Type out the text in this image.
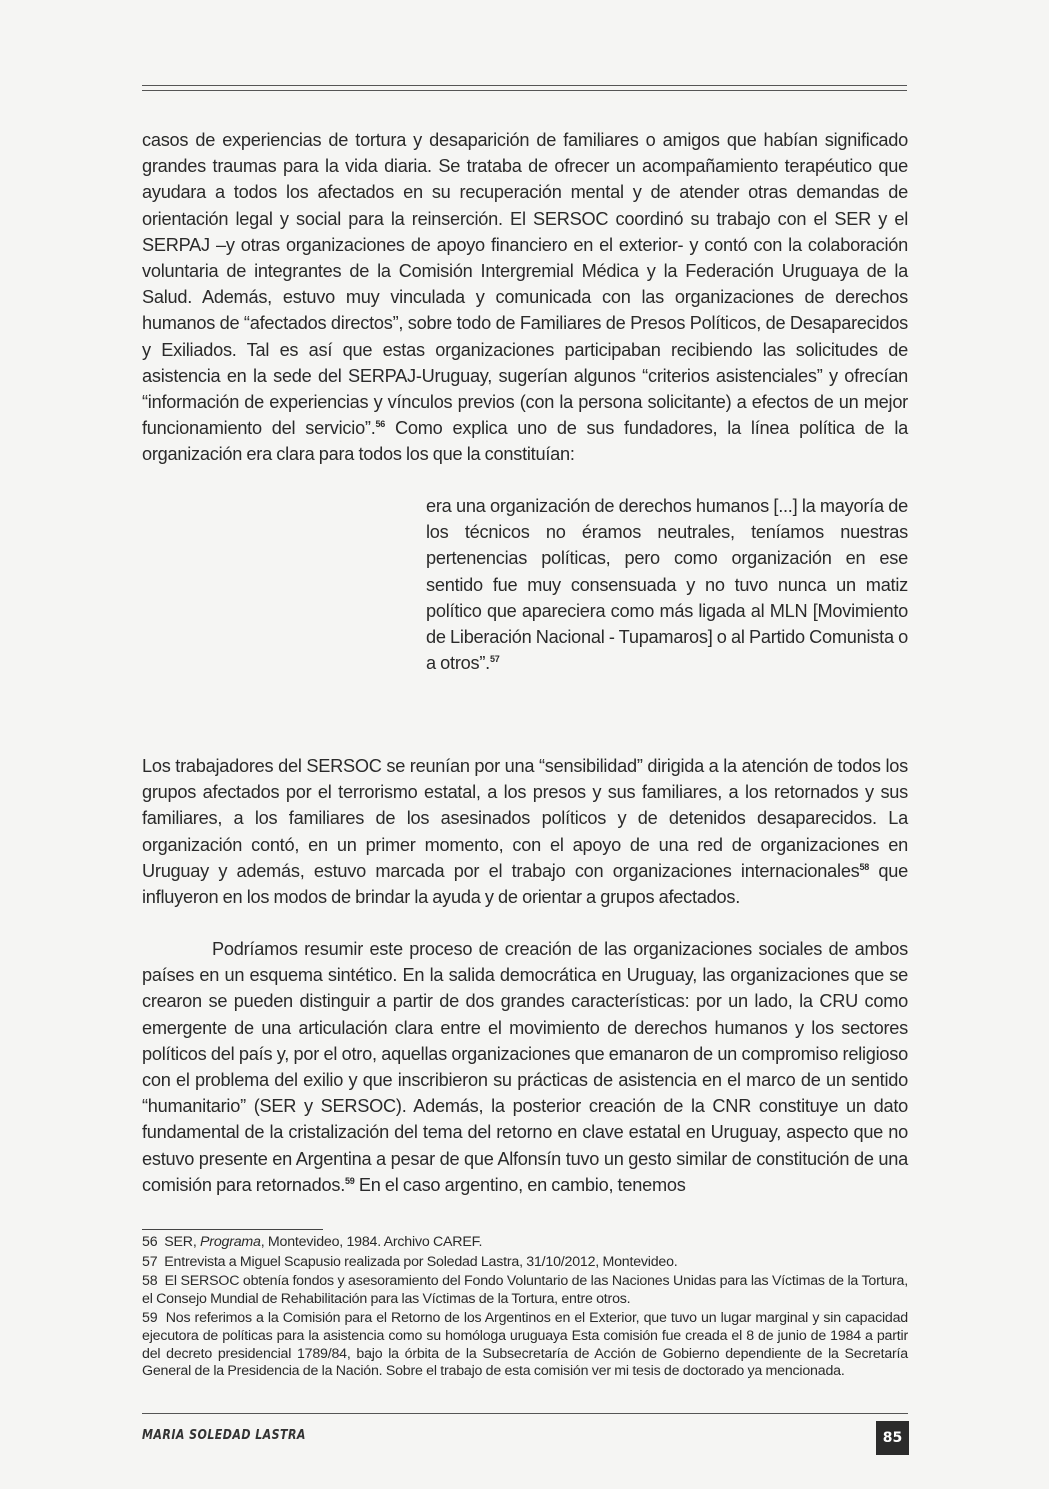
casos de experiencias de tortura y desaparición de familiares o amigos que habían significado grandes traumas para la vida diaria. Se trataba de ofrecer un acompañamiento terapéutico que ayudara a todos los afectados en su recuperación mental y de atender otras demandas de orientación legal y social para la reinserción. El SERSOC coordinó su trabajo con el SER y el SERPAJ –y otras organizaciones de apoyo financiero en el exterior- y contó con la colaboración voluntaria de integrantes de la Comisión Intergremial Médica y la Federación Uruguaya de la Salud. Además, estuvo muy vinculada y comunicada con las organizaciones de derechos humanos de “afectados directos”, sobre todo de Familiares de Presos Políticos, de Desaparecidos y Exiliados. Tal es así que estas organizaciones participaban recibiendo las solicitudes de asistencia en la sede del SERPAJ-Uruguay, sugerían algunos “criterios asistenciales” y ofrecían “información de experiencias y vínculos previos (con la persona solicitante) a efectos de un mejor funcionamiento del servicio”.$^{56}$ Como explica uno de sus fundadores, la línea política de la organización era clara para todos los que la constituían:

era una organización de derechos humanos [...] la mayoría de los técnicos no éramos neutrales, teníamos nuestras pertenencias políticas, pero como organización en ese sentido fue muy consensuada y no tuvo nunca un matiz político que apareciera como más ligada al MLN [Movimiento de Liberación Nacional - Tupamaros] o al Partido Comunista o a otros”.$^{57}$

Los trabajadores del SERSOC se reunían por una “sensibilidad” dirigida a la atención de todos los grupos afectados por el terrorismo estatal, a los presos y sus familiares, a los retornados y sus familiares, a los familiares de los asesinados políticos y de detenidos desaparecidos. La organización contó, en un primer momento, con el apoyo de una red de organizaciones en Uruguay y además, estuvo marcada por el trabajo con organizaciones internacionales$^{58}$ que influyeron en los modos de brindar la ayuda y de orientar a grupos afectados.

Podríamos resumir este proceso de creación de las organizaciones sociales de ambos países en un esquema sintético. En la salida democrática en Uruguay, las organizaciones que se crearon se pueden distinguir a partir de dos grandes características: por un lado, la CRU como emergente de una articulación clara entre el movimiento de derechos humanos y los sectores políticos del país y, por el otro, aquellas organizaciones que emanaron de un compromiso religioso con el problema del exilio y que inscribieron su prácticas de asistencia en el marco de un sentido “humanitario” (SER y SERSOC). Además, la posterior creación de la CNR constituye un dato fundamental de la cristalización del tema del retorno en clave estatal en Uruguay, aspecto que no estuvo presente en Argentina a pesar de que Alfonsín tuvo un gesto similar de constitución de una comisión para retornados.$^{59}$ En el caso argentino, en cambio, tenemos

56 SER, Programa, Montevideo, 1984. Archivo CAREF.

57 Entrevista a Miguel Scapusio realizada por Soledad Lastra, 31/10/2012, Montevideo.

58 El SERSOC obtenía fondos y asesoramiento del Fondo Voluntario de las Naciones Unidas para las Víctimas de la Tortura, el Consejo Mundial de Rehabilitación para las Víctimas de la Tortura, entre otros.

59 Nos referimos a la Comisión para el Retorno de los Argentinos en el Exterior, que tuvo un lugar marginal y sin capacidad ejecutora de políticas para la asistencia como su homóloga uruguaya Esta comisión fue creada el 8 de junio de 1984 a partir del decreto presidencial 1789/84, bajo la órbita de la Subsecretaría de Acción de Gobierno dependiente de la Secretaría General de la Presidencia de la Nación. Sobre el trabajo de esta comisión ver mi tesis de doctorado ya mencionada.

MARIA SOLEDAD LASTRA	85
